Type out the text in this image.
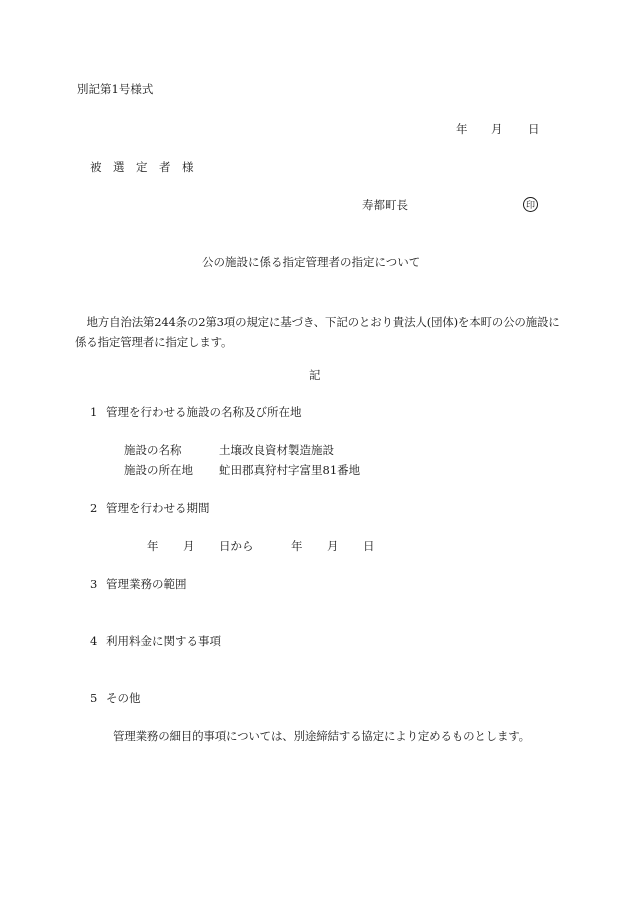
別記第1号様式
年 月 日
被　選　定　者　様
寿都町長	印
公の施設に係る指定管理者の指定について
地方自治法第244条の2第3項の規定に基づき、下記のとおり貴法人(団体)を本町の公の施設に係る指定管理者に指定します。
記
1 管理を行わせる施設の名称及び所在地
施設の名称	土壌改良資材製造施設
施設の所在地 虻田郡真狩村字富里81番地
2 管理を行わせる期間
年 月 日から	年 月 日
3 管理業務の範囲
4 利用料金に関する事項
5 その他
管理業務の細目的事項については、別途締結する協定により定めるものとします。
